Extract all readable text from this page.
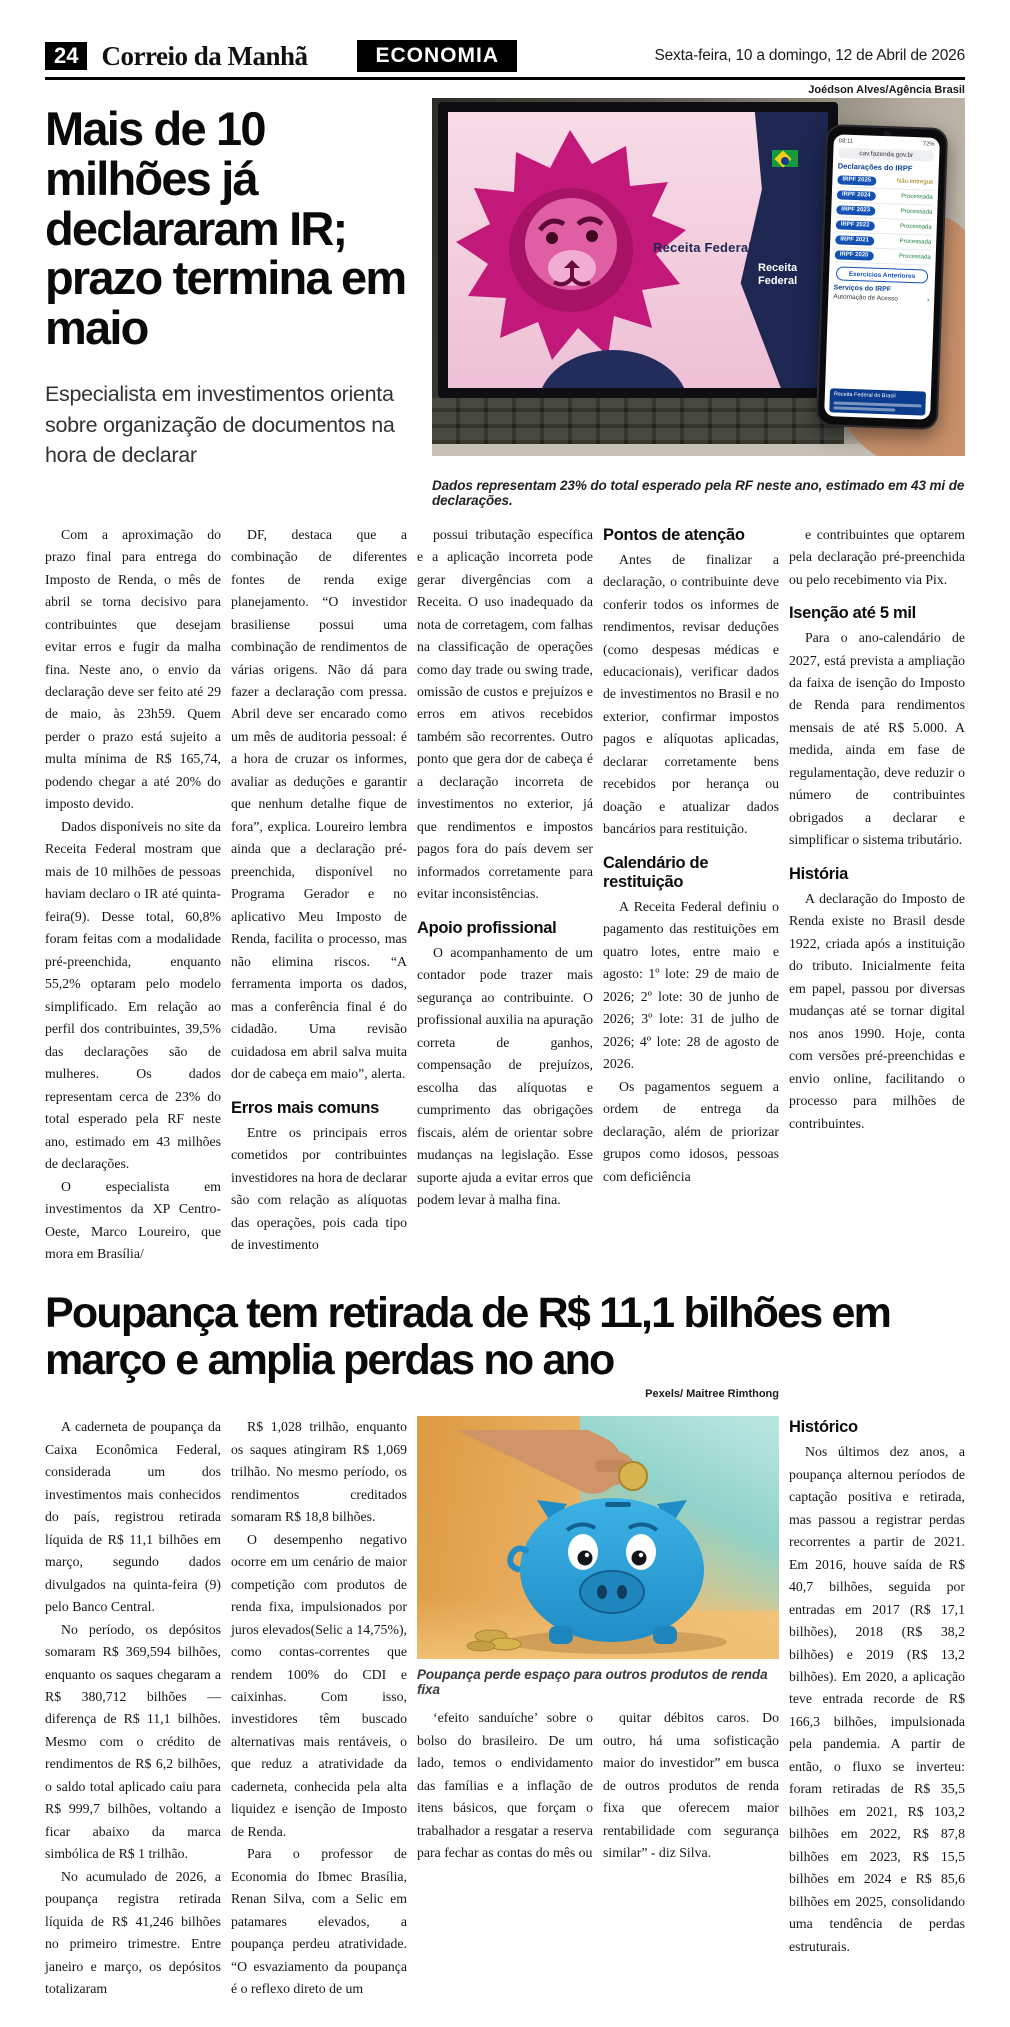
24 Correio da Manhã	ECONOMIA	Sexta-feira, 10 a domingo, 12 de Abril de 2026
Joédson Alves/Agência Brasil
Mais de 10 milhões já declararam IR; prazo termina em maio

Especialista em investimentos orienta sobre organização de documentos na hora de declarar

Receita Federal
Receita Federal
08:11	72%
cav.fazenda.gov.br
Declarações do IRPF
IRPF 2025	Não entregue
IRPF 2024	Processada
IRPF 2023	Processada
IRPF 2022	Processada
IRPF 2021	Processada
IRPF 2020	Processada
Exercícios Anteriores
Serviços do IRPF
Automação de Acesso	›
Receita Federal do Brasil

Dados representam 23% do total esperado pela RF neste ano, estimado em 43 mi de declarações.

Com a aproximação do prazo final para entrega do Imposto de Renda, o mês de abril se torna decisivo para contribuintes que desejam evitar erros e fugir da malha fina. Neste ano, o envio da declaração deve ser feito até 29 de maio, às 23h59. Quem perder o prazo está sujeito a multa mínima de R$ 165,74, podendo chegar a até 20% do imposto devido.

Dados disponíveis no site da Receita Federal mostram que mais de 10 milhões de pessoas haviam declaro o IR até quinta-feira(9). Desse total, 60,8% foram feitas com a modalidade pré-preenchida, enquanto 55,2% optaram pelo modelo simplificado. Em relação ao perfil dos contribuintes, 39,5% das declarações são de mulheres. Os dados representam cerca de 23% do total esperado pela RF neste ano, estimado em 43 milhões de declarações.

O especialista em investimentos da XP Centro-Oeste, Marco Loureiro, que mora em Brasília/

DF, destaca que a combinação de diferentes fontes de renda exige planejamento. “O investidor brasiliense possui uma combinação de rendimentos de várias origens. Não dá para fazer a declaração com pressa. Abril deve ser encarado como um mês de auditoria pessoal: é a hora de cruzar os informes, avaliar as deduções e garantir que nenhum detalhe fique de fora”, explica. Loureiro lembra ainda que a declaração pré-preenchida, disponível no Programa Gerador e no aplicativo Meu Imposto de Renda, facilita o processo, mas não elimina riscos. “A ferramenta importa os dados, mas a conferência final é do cidadão. Uma revisão cuidadosa em abril salva muita dor de cabeça em maio”, alerta.

Erros mais comuns

Entre os principais erros cometidos por contribuintes investidores na hora de declarar são com relação as alíquotas das operações, pois cada tipo de investimento

possui tributação específica e a aplicação incorreta pode gerar divergências com a Receita. O uso inadequado da nota de corretagem, com falhas na classificação de operações como day trade ou swing trade, omissão de custos e prejuízos e erros em ativos recebidos também são recorrentes. Outro ponto que gera dor de cabeça é a declaração incorreta de investimentos no exterior, já que rendimentos e impostos pagos fora do país devem ser informados corretamente para evitar inconsistências.

Apoio profissional

O acompanhamento de um contador pode trazer mais segurança ao contribuinte. O profissional auxilia na apuração correta de ganhos, compensação de prejuízos, escolha das alíquotas e cumprimento das obrigações fiscais, além de orientar sobre mudanças na legislação. Esse suporte ajuda a evitar erros que podem levar à malha fina.

Pontos de atenção

Antes de finalizar a declaração, o contribuinte deve conferir todos os informes de rendimentos, revisar deduções (como despesas médicas e educacionais), verificar dados de investimentos no Brasil e no exterior, confirmar impostos pagos e alíquotas aplicadas, declarar corretamente bens recebidos por herança ou doação e atualizar dados bancários para restituição.

Calendário de restituição

A Receita Federal definiu o pagamento das restituições em quatro lotes, entre maio e agosto: 1º lote: 29 de maio de 2026; 2º lote: 30 de junho de 2026; 3º lote: 31 de julho de 2026; 4º lote: 28 de agosto de 2026.

Os pagamentos seguem a ordem de entrega da declaração, além de priorizar grupos como idosos, pessoas com deficiência

e contribuintes que optarem pela declaração pré-preenchida ou pelo recebimento via Pix.

Isenção até 5 mil

Para o ano-calendário de 2027, está prevista a ampliação da faixa de isenção do Imposto de Renda para rendimentos mensais de até R$ 5.000. A medida, ainda em fase de regulamentação, deve reduzir o número de contribuintes obrigados a declarar e simplificar o sistema tributário.

História

A declaração do Imposto de Renda existe no Brasil desde 1922, criada após a instituição do tributo. Inicialmente feita em papel, passou por diversas mudanças até se tornar digital nos anos 1990. Hoje, conta com versões pré-preenchidas e envio online, facilitando o processo para milhões de contribuintes.

Poupança tem retirada de R$ 11,1 bilhões em março e amplia perdas no ano
Pexels/ Maitree Rimthong

A caderneta de poupança da Caixa Econômica Federal, considerada um dos investimentos mais conhecidos do país, registrou retirada líquida de R$ 11,1 bilhões em março, segundo dados divulgados na quinta-feira (9) pelo Banco Central.

No período, os depósitos somaram R$ 369,594 bilhões, enquanto os saques chegaram a R$ 380,712 bilhões — diferença de R$ 11,1 bilhões. Mesmo com o crédito de rendimentos de R$ 6,2 bilhões, o saldo total aplicado caiu para R$ 999,7 bilhões, voltando a ficar abaixo da marca simbólica de R$ 1 trilhão.

No acumulado de 2026, a poupança registra retirada líquida de R$ 41,246 bilhões no primeiro trimestre. Entre janeiro e março, os depósitos totalizaram

R$ 1,028 trilhão, enquanto os saques atingiram R$ 1,069 trilhão. No mesmo período, os rendimentos creditados somaram R$ 18,8 bilhões.

O desempenho negativo ocorre em um cenário de maior competição com produtos de renda fixa, impulsionados por juros elevados(Selic a 14,75%), como contas-correntes que rendem 100% do CDI e caixinhas. Com isso, investidores têm buscado alternativas mais rentáveis, o que reduz a atratividade da caderneta, conhecida pela alta liquidez e isenção de Imposto de Renda.

Para o professor de Economia do Ibmec Brasília, Renan Silva, com a Selic em patamares elevados, a poupança perdeu atratividade. “O esvaziamento da poupança é o reflexo direto de um

Poupança perde espaço para outros produtos de renda fixa

‘efeito sanduíche’ sobre o bolso do brasileiro. De um lado, temos o endividamento das famílias e a inflação de itens básicos, que forçam o trabalhador a resgatar a reserva para fechar as contas do mês ou

quitar débitos caros. Do outro, há uma sofisticação maior do investidor” em busca de outros produtos de renda fixa que oferecem maior rentabilidade com segurança similar” - diz Silva.

Histórico

Nos últimos dez anos, a poupança alternou períodos de captação positiva e retirada, mas passou a registrar perdas recorrentes a partir de 2021. Em 2016, houve saída de R$ 40,7 bilhões, seguida por entradas em 2017 (R$ 17,1 bilhões), 2018 (R$ 38,2 bilhões) e 2019 (R$ 13,2 bilhões). Em 2020, a aplicação teve entrada recorde de R$ 166,3 bilhões, impulsionada pela pandemia. A partir de então, o fluxo se inverteu: foram retiradas de R$ 35,5 bilhões em 2021, R$ 103,2 bilhões em 2022, R$ 87,8 bilhões em 2023, R$ 15,5 bilhões em 2024 e R$ 85,6 bilhões em 2025, consolidando uma tendência de perdas estruturais.
